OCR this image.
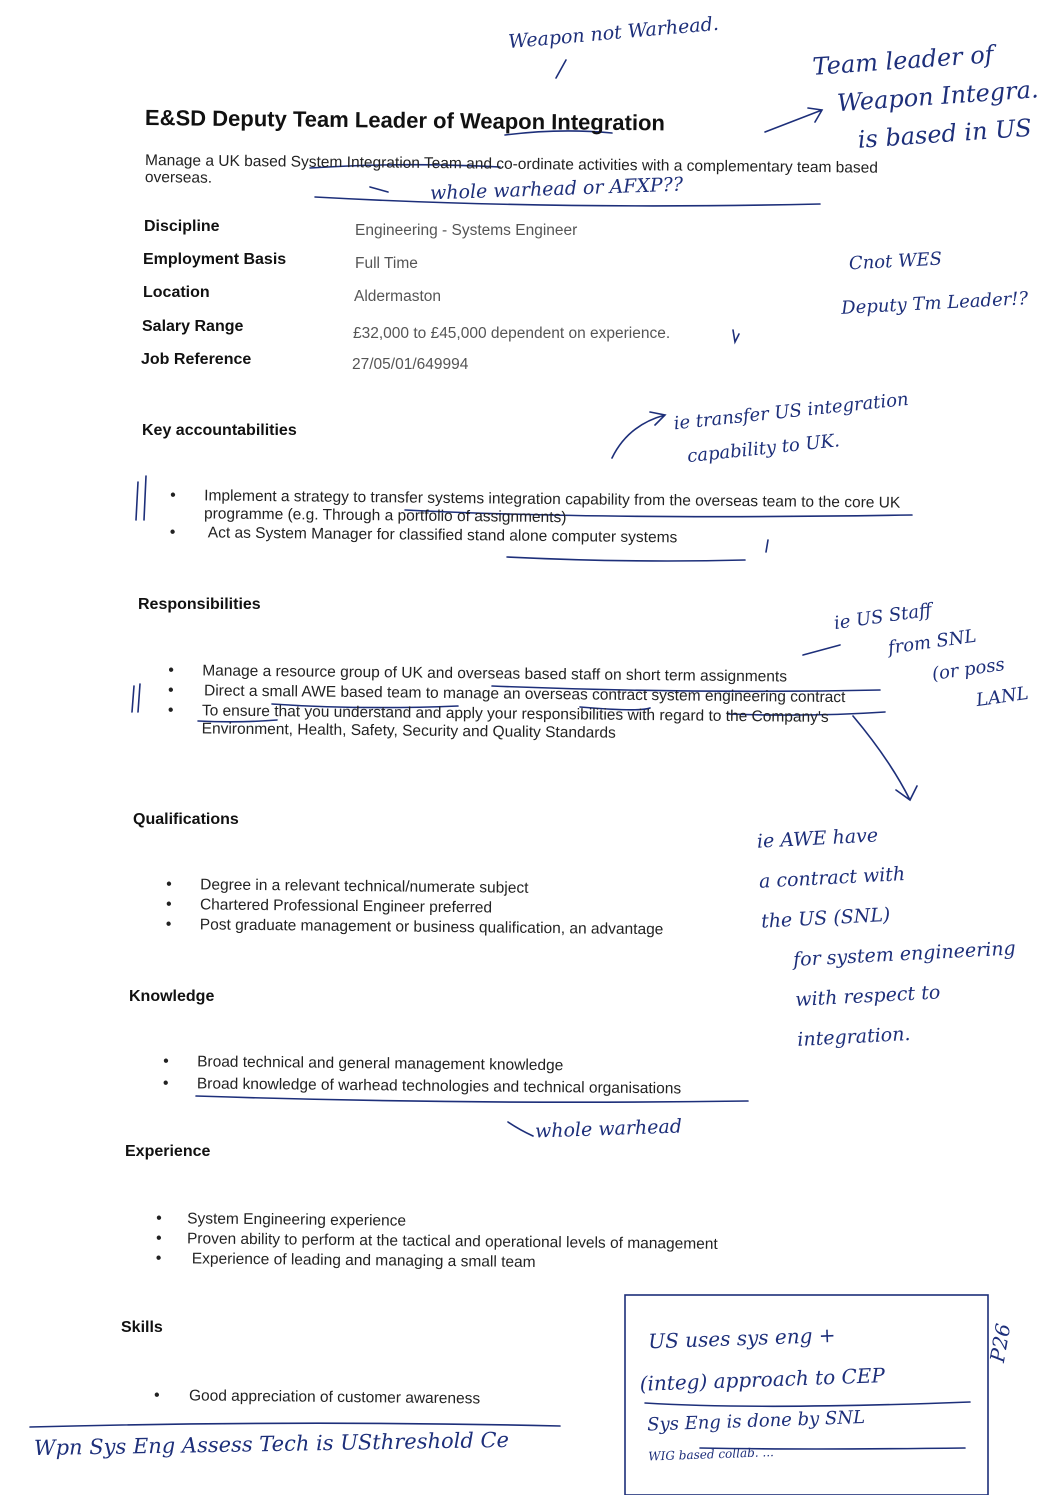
E&SD Deputy Team Leader of Weapon Integration
Manage a UK based System Integration Team and co-ordinate activities with a complementary team based overseas.
Discipline	Engineering - Systems Engineer
Employment Basis	Full Time
Location	Aldermaston
Salary Range	£32,000 to £45,000 dependent on experience.
Job Reference	27/05/01/649994
Key accountabilities
• Implement a strategy to transfer systems integration capability from the overseas team to the core UK programme (e.g. Through a portfolio of assignments)
• Act as System Manager for classified stand alone computer systems
Responsibilities
• Manage a resource group of UK and overseas based staff on short term assignments
• Direct a small AWE based team to manage an overseas contract system engineering contract
• To ensure that you understand and apply your responsibilities with regard to the Company's Environment, Health, Safety, Security and Quality Standards
Qualifications
• Degree in a relevant technical/numerate subject
• Chartered Professional Engineer preferred
• Post graduate management or business qualification, an advantage
Knowledge
• Broad technical and general management knowledge
• Broad knowledge of warhead technologies and technical organisations
Experience
• System Engineering experience
• Proven ability to perform at the tactical and operational levels of management
• Experience of leading and managing a small team
Skills
• Good appreciation of customer awareness
Weapon not Warhead.
Team leader of
Weapon Integra.
is based in US
whole warhead or AFXP??
Cnot WES
Deputy Tm Leader!?
ie transfer US integration
capability to UK.
ie US Staff
from SNL
(or poss
LANL
ie AWE have
a contract with
the US (SNL)
for system engineering
with respect to
integration.
whole warhead
US uses sys eng +
(integ) approach to CEP
Sys Eng is done by SNL
WIG based collab. ...
P26
Wpn Sys Eng Assess Tech is USthreshold Ce
